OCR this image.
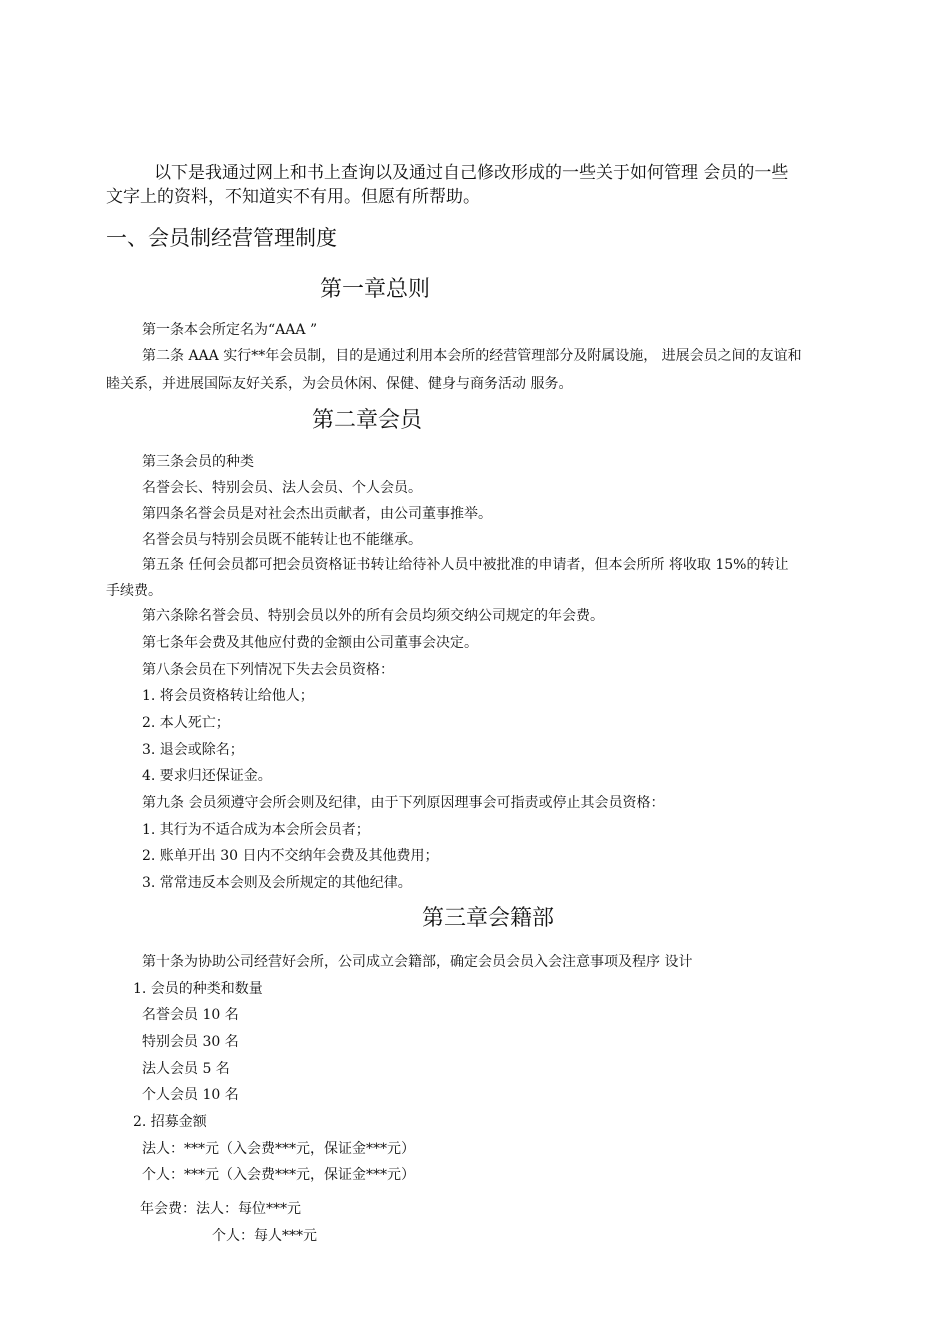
以下是我通过网上和书上查询以及通过自己修改形成的一些关于如何管理 会员的一些
文字上的资料，不知道实不有用。但愿有所帮助。
一、会员制经营管理制度
第一章总则
第一条本会所定名为“AAA ”
第二条 AAA 实行**年会员制，目的是通过利用本会所的经营管理部分及附属设施， 进展会员之间的友谊和
睦关系，并进展国际友好关系，为会员休闲、保健、健身与商务活动 服务。
第二章会员
第三条会员的种类
名誉会长、特别会员、法人会员、个人会员。
第四条名誉会员是对社会杰出贡献者，由公司董事推举。
名誉会员与特别会员既不能转让也不能继承。
第五条 任何会员都可把会员资格证书转让给待补人员中被批准的申请者，但本会所所 将收取 15%的转让
手续费。
第六条除名誉会员、特别会员以外的所有会员均须交纳公司规定的年会费。
第七条年会费及其他应付费的金额由公司董事会决定。
第八条会员在下列情况下失去会员资格：
1. 将会员资格转让给他人；
2. 本人死亡；
3. 退会或除名；
4. 要求归还保证金。
第九条 会员须遵守会所会则及纪律，由于下列原因理事会可指责或停止其会员资格：
1. 其行为不适合成为本会所会员者；
2. 账单开出 30 日内不交纳年会费及其他费用；
3. 常常违反本会则及会所规定的其他纪律。
第三章会籍部
第十条为协助公司经营好会所，公司成立会籍部，确定会员会员入会注意事项及程序 设计
1. 会员的种类和数量
名誉会员 10 名
特别会员 30 名
法人会员 5 名
个人会员 10 名
2. 招募金额
法人：***元（入会费***元，保证金***元）
个人：***元（入会费***元，保证金***元）
年会费：法人：每位***元
个人：每人***元
